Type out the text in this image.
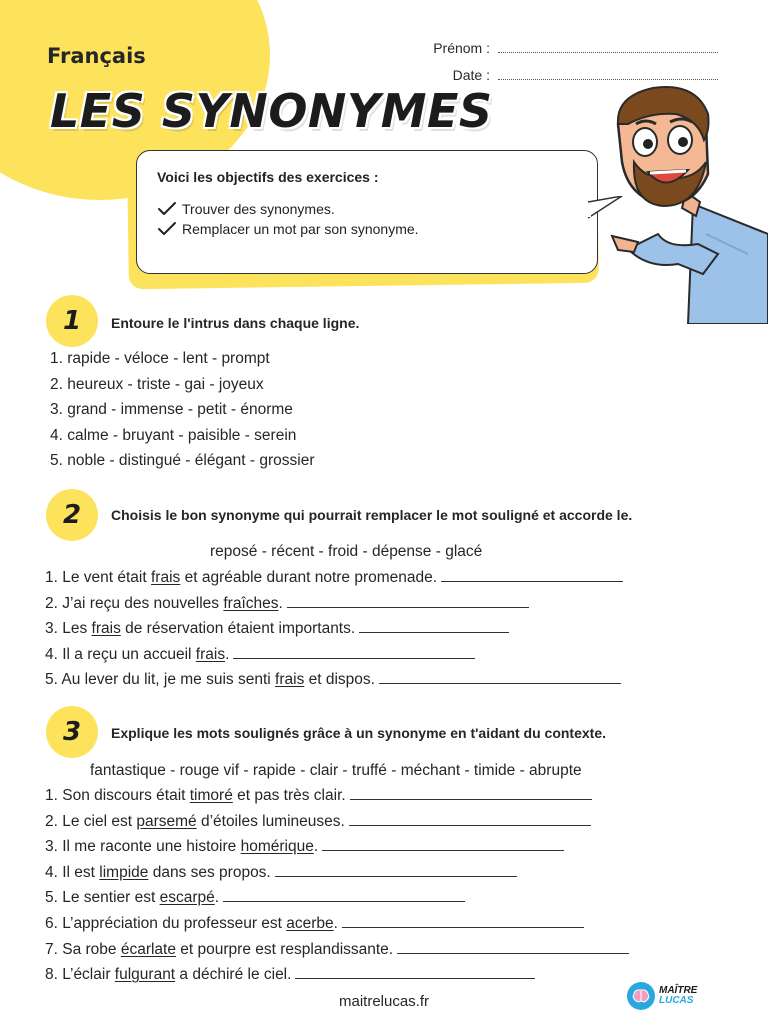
Français
LES SYNONYMES
Prénom :
Date :
Voici les objectifs des exercices :
Trouver des synonymes.
Remplacer un mot par son synonyme.
1	Entoure le l'intrus dans chaque ligne.
1. rapide - véloce - lent - prompt
2. heureux - triste - gai - joyeux
3. grand - immense - petit - énorme
4. calme - bruyant - paisible - serein
5. noble - distingué - élégant - grossier
2	Choisis le bon synonyme qui pourrait remplacer le mot souligné et accorde le.
reposé - récent - froid - dépense - glacé
1. Le vent était frais et agréable durant notre promenade.
2. J’ai reçu des nouvelles fraîches.
3. Les frais de réservation étaient importants.
4. Il a reçu un accueil frais.
5. Au lever du lit, je me suis senti frais et dispos.
3	Explique les mots soulignés grâce à un synonyme en t'aidant du contexte.
fantastique - rouge vif - rapide - clair - truffé - méchant - timide - abrupte
1. Son discours était timoré et pas très clair.
2. Le ciel est parsemé d’étoiles lumineuses.
3. Il me raconte une histoire homérique.
4. Il est limpide dans ses propos.
5. Le sentier est escarpé.
6. L’appréciation du professeur est acerbe.
7. Sa robe écarlate et pourpre est resplandissante.
8. L’éclair fulgurant a déchiré le ciel.
maitrelucas.fr
MAÎTRE
LUCAS
